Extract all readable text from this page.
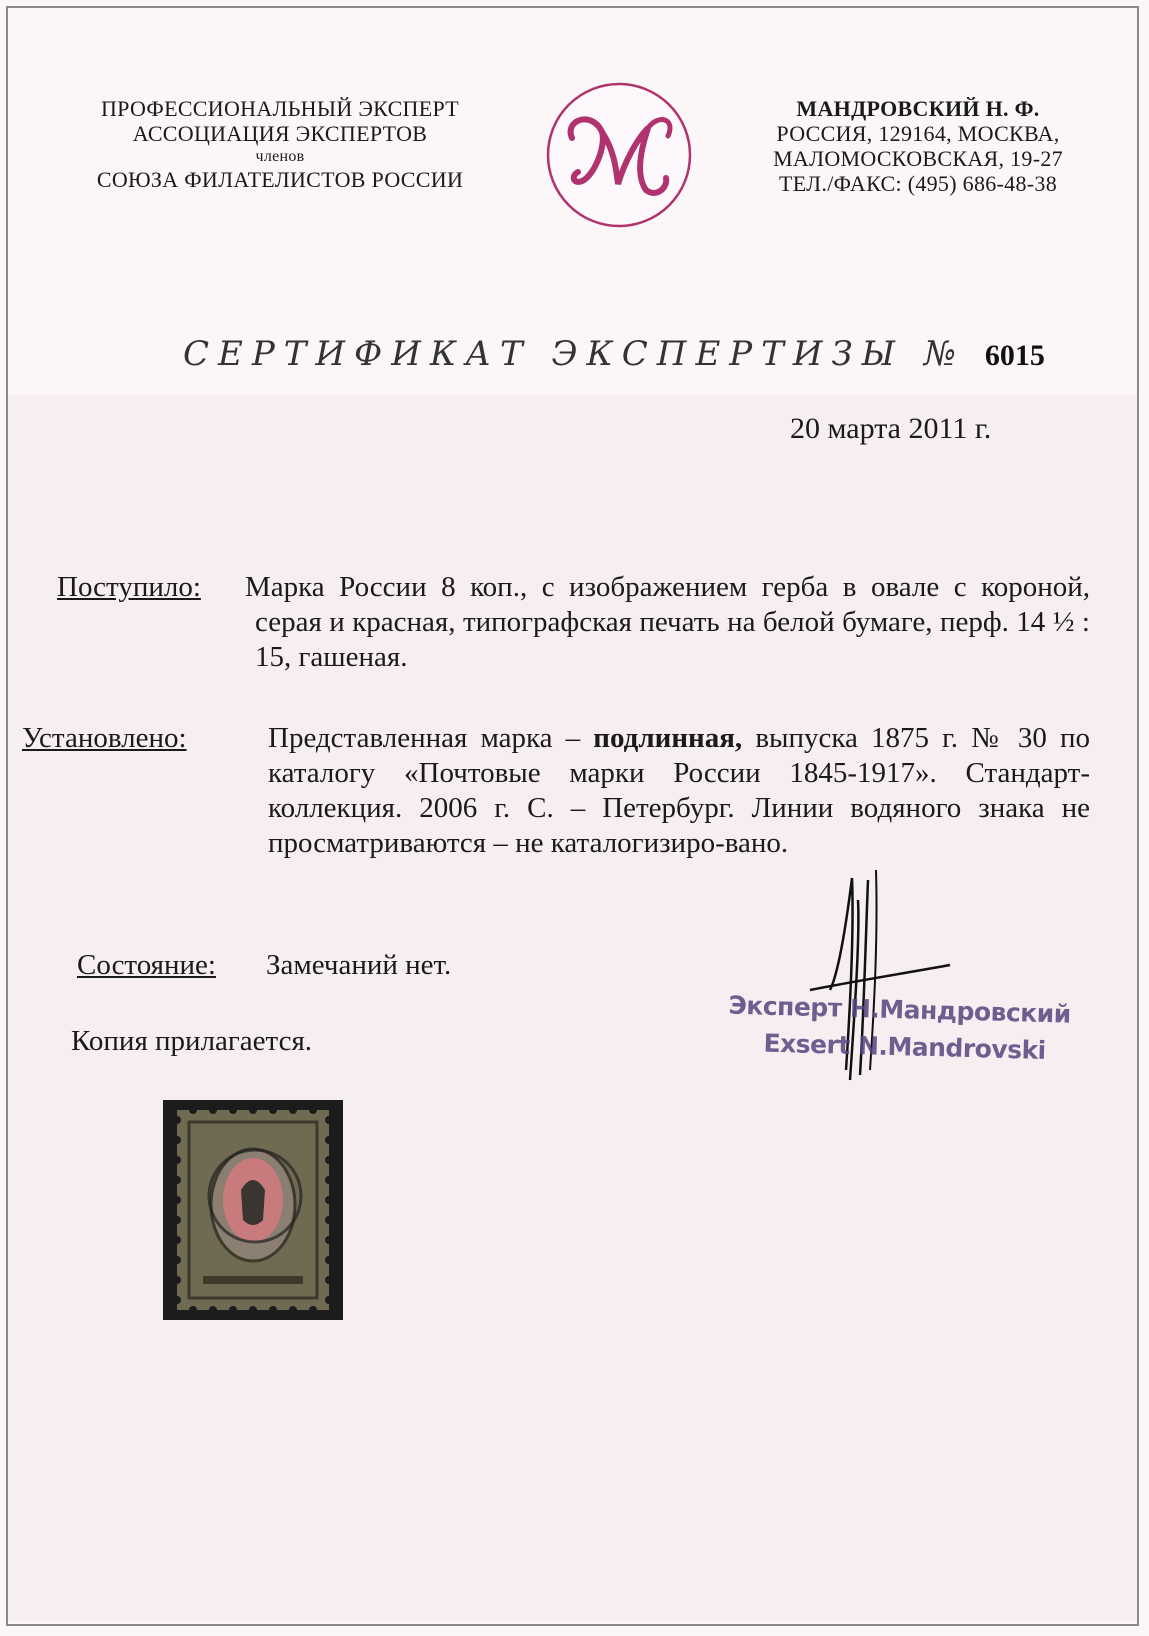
ПРОФЕССИОНАЛЬНЫЙ ЭКСПЕРТ
АССОЦИАЦИЯ ЭКСПЕРТОВ
членов
СОЮЗА ФИЛАТЕЛИСТОВ РОССИИ
МАНДРОВСКИЙ Н. Ф.
РОССИЯ, 129164, МОСКВА,
МАЛОМОСКОВСКАЯ, 19-27
ТЕЛ./ФАКС: (495) 686-48-38
СЕРТИФИКАТ ЭКСПЕРТИЗЫ № 6015
20 марта 2011 г.
Поступило: Марка России 8 коп., с изображением герба в овале с короной, серая и красная, типографская печать на белой бумаге, перф. 14 ½ : 15, гашеная.
Установлено:	Представленная марка – подлинная, выпуска 1875 г. № 30 по каталогу «Почтовые марки России 1845-1917». Стандарт-коллекция. 2006 г. С. – Петербург. Линии водяного знака не просматриваются – не каталогизиро-вано.
Состояние: Замечаний нет.
Копия прилагается.
Эксперт Н.Мандровский
Exsert N.Mandrovski
